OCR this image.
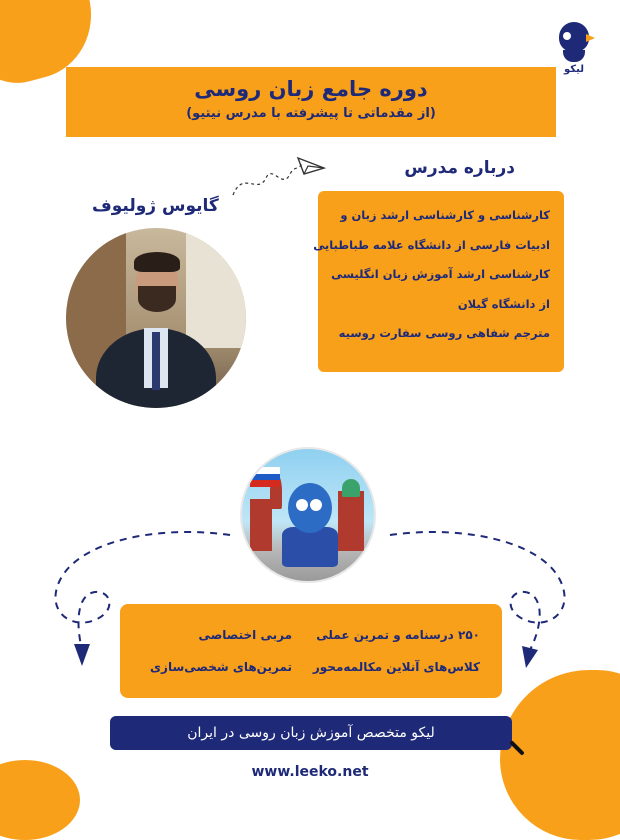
لیکو
دوره جامع زبان روسی
(از مقدماتی تا پیشرفته با مدرس نیتیو)
درباره مدرس
گایوس ژولیوف	کارشناسی و کارشناسی ارشد زبان و
ادبیات فارسی از دانشگاه علامه طباطبایی
کارشناسی ارشد آموزش زبان انگلیسی
از دانشگاه گیلان
مترجم شفاهی روسی سفارت روسیه
۲۵۰ درسنامه و تمرین عملی
مربی اختصاصی
کلاس‌های آنلاین مکالمه‌محور
تمرین‌های شخصی‌سازی
لیکو متخصص آموزش زبان روسی در ایران
www.leeko.net
